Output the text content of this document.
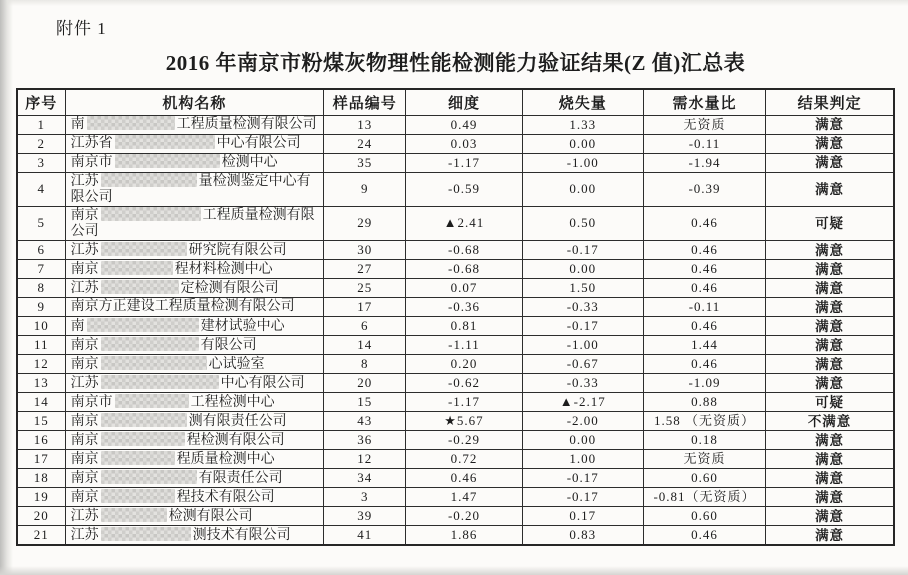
附件 1
2016 年南京市粉煤灰物理性能检测能力验证结果(Z 值)汇总表
序号	机构名称	样品编号	细度	烧失量	需水量比	结果判定
1	南 工程质量检测有限公司	13	0.49	1.33	无资质	满意
2	江苏省 中心有限公司	24	0.03	0.00	-0.11	满意
3	南京市 检测中心	35	-1.17	-1.00	-1.94	满意
4	江苏 量检测鉴定中心有限公司	9	-0.59	0.00	-0.39	满意
5	南京 工程质量检测有限公司	29	▲2.41	0.50	0.46	可疑
6	江苏 研究院有限公司	30	-0.68	-0.17	0.46	满意
7	南京 程材料检测中心	27	-0.68	0.00	0.46	满意
8	江苏 定检测有限公司	25	0.07	1.50	0.46	满意
9	南京方正建设工程质量检测有限公司	17	-0.36	-0.33	-0.11	满意
10	南 建材试验中心	6	0.81	-0.17	0.46	满意
11	南京 有限公司	14	-1.11	-1.00	1.44	满意
12	南京 心试验室	8	0.20	-0.67	0.46	满意
13	江苏 中心有限公司	20	-0.62	-0.33	-1.09	满意
14	南京市 工程检测中心	15	-1.17	▲-2.17	0.88	可疑
15	南京 测有限责任公司	43	★5.67	-2.00	1.58 （无资质）	不满意
16	南京 程检测有限公司	36	-0.29	0.00	0.18	满意
17	南京 程质量检测中心	12	0.72	1.00	无资质	满意
18	南京 有限责任公司	34	0.46	-0.17	0.60	满意
19	南京 程技术有限公司	3	1.47	-0.17	-0.81（无资质）	满意
20	江苏 检测有限公司	39	-0.20	0.17	0.60	满意
21	江苏 测技术有限公司	41	1.86	0.83	0.46	满意
